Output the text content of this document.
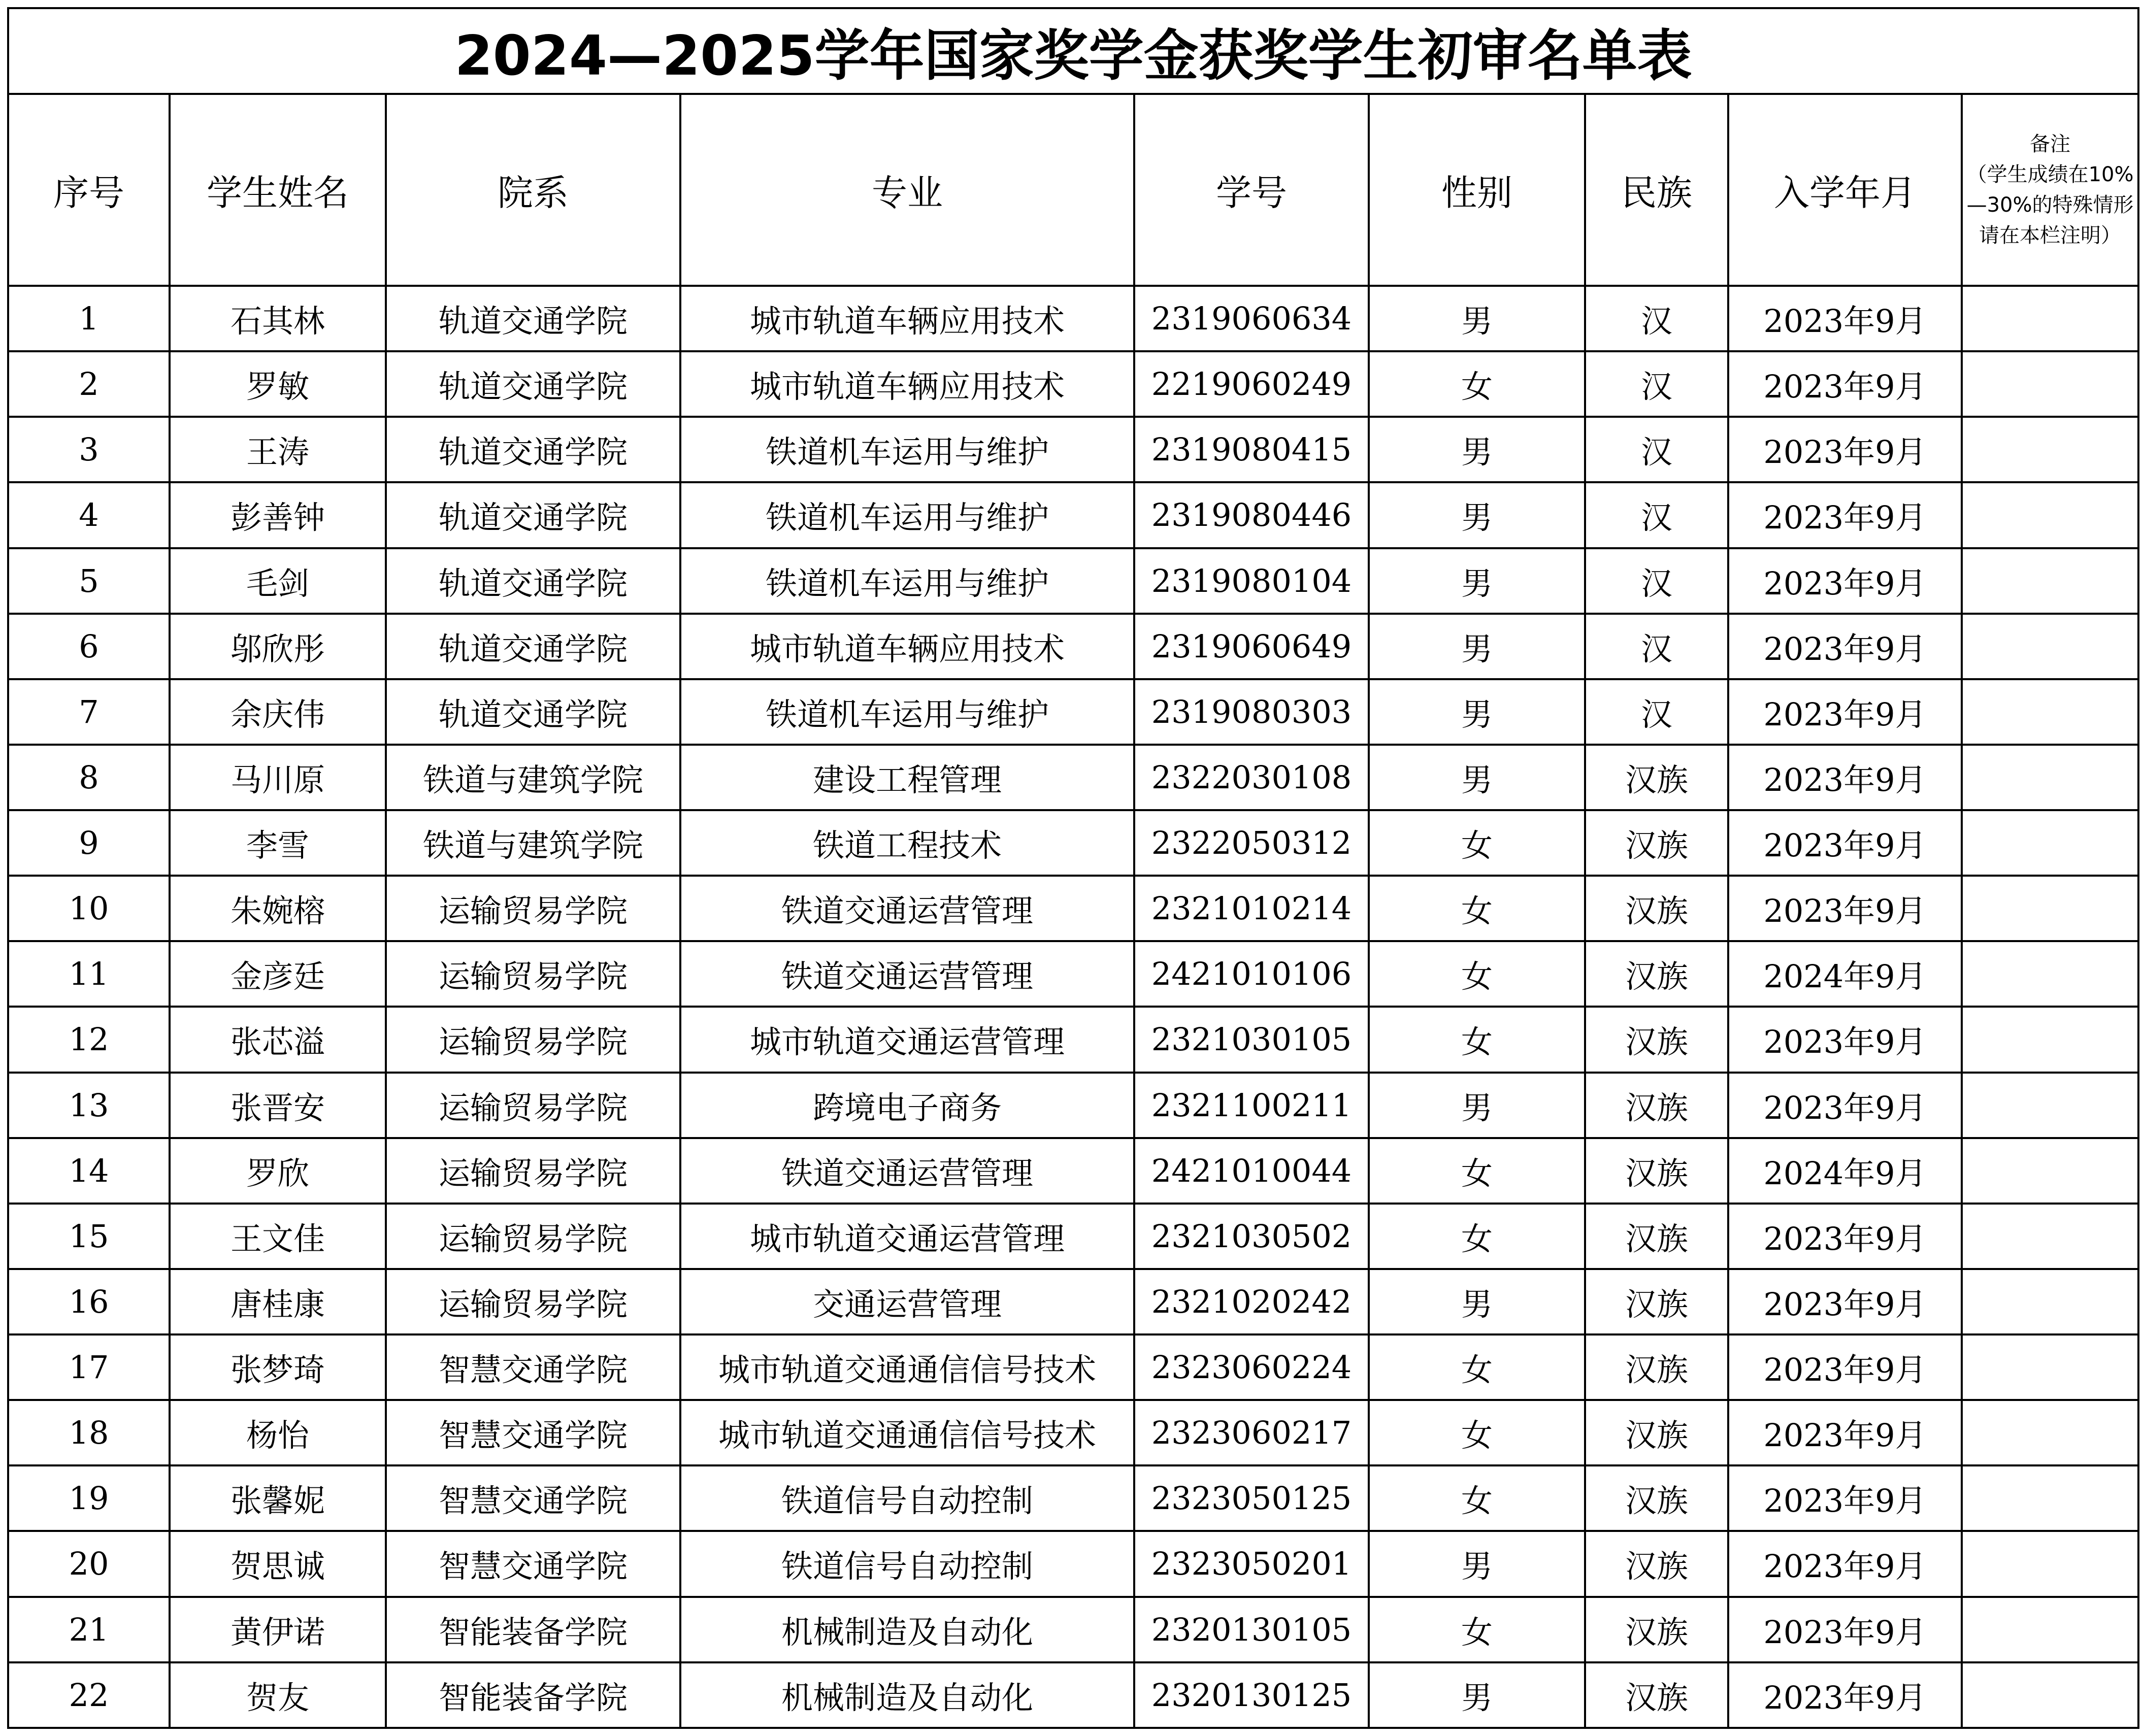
2024—2025学年国家奖学金获奖学生初审名单表								
序号	学生姓名	院系	专业	学号	性别	民族	入学年月	备注
（学生成绩在10%—30%的特殊情形请在本栏注明）

1	石其林	轨道交通学院	城市轨道车辆应用技术	2319060634	男	汉	2023年9月	
2	罗敏	轨道交通学院	城市轨道车辆应用技术	2219060249	女	汉	2023年9月	
3	王涛	轨道交通学院	铁道机车运用与维护	2319080415	男	汉	2023年9月	
4	彭善钟	轨道交通学院	铁道机车运用与维护	2319080446	男	汉	2023年9月	
5	毛剑	轨道交通学院	铁道机车运用与维护	2319080104	男	汉	2023年9月	
6	邬欣彤	轨道交通学院	城市轨道车辆应用技术	2319060649	男	汉	2023年9月	
7	余庆伟	轨道交通学院	铁道机车运用与维护	2319080303	男	汉	2023年9月	
8	马川原	铁道与建筑学院	建设工程管理	2322030108	男	汉族	2023年9月	
9	李雪	铁道与建筑学院	铁道工程技术	2322050312	女	汉族	2023年9月	
10	朱婉榕	运输贸易学院	铁道交通运营管理	2321010214	女	汉族	2023年9月	
11	金彦廷	运输贸易学院	铁道交通运营管理	2421010106	女	汉族	2024年9月	
12	张芯溢	运输贸易学院	城市轨道交通运营管理	2321030105	女	汉族	2023年9月	
13	张晋安	运输贸易学院	跨境电子商务	2321100211	男	汉族	2023年9月	
14	罗欣	运输贸易学院	铁道交通运营管理	2421010044	女	汉族	2024年9月	
15	王文佳	运输贸易学院	城市轨道交通运营管理	2321030502	女	汉族	2023年9月	
16	唐桂康	运输贸易学院	交通运营管理	2321020242	男	汉族	2023年9月	
17	张梦琦	智慧交通学院	城市轨道交通通信信号技术	2323060224	女	汉族	2023年9月	
18	杨怡	智慧交通学院	城市轨道交通通信信号技术	2323060217	女	汉族	2023年9月	
19	张馨妮	智慧交通学院	铁道信号自动控制	2323050125	女	汉族	2023年9月	
20	贺思诚	智慧交通学院	铁道信号自动控制	2323050201	男	汉族	2023年9月	
21	黄伊诺	智能装备学院	机械制造及自动化	2320130105	女	汉族	2023年9月	
22	贺友	智能装备学院	机械制造及自动化	2320130125	男	汉族	2023年9月	
